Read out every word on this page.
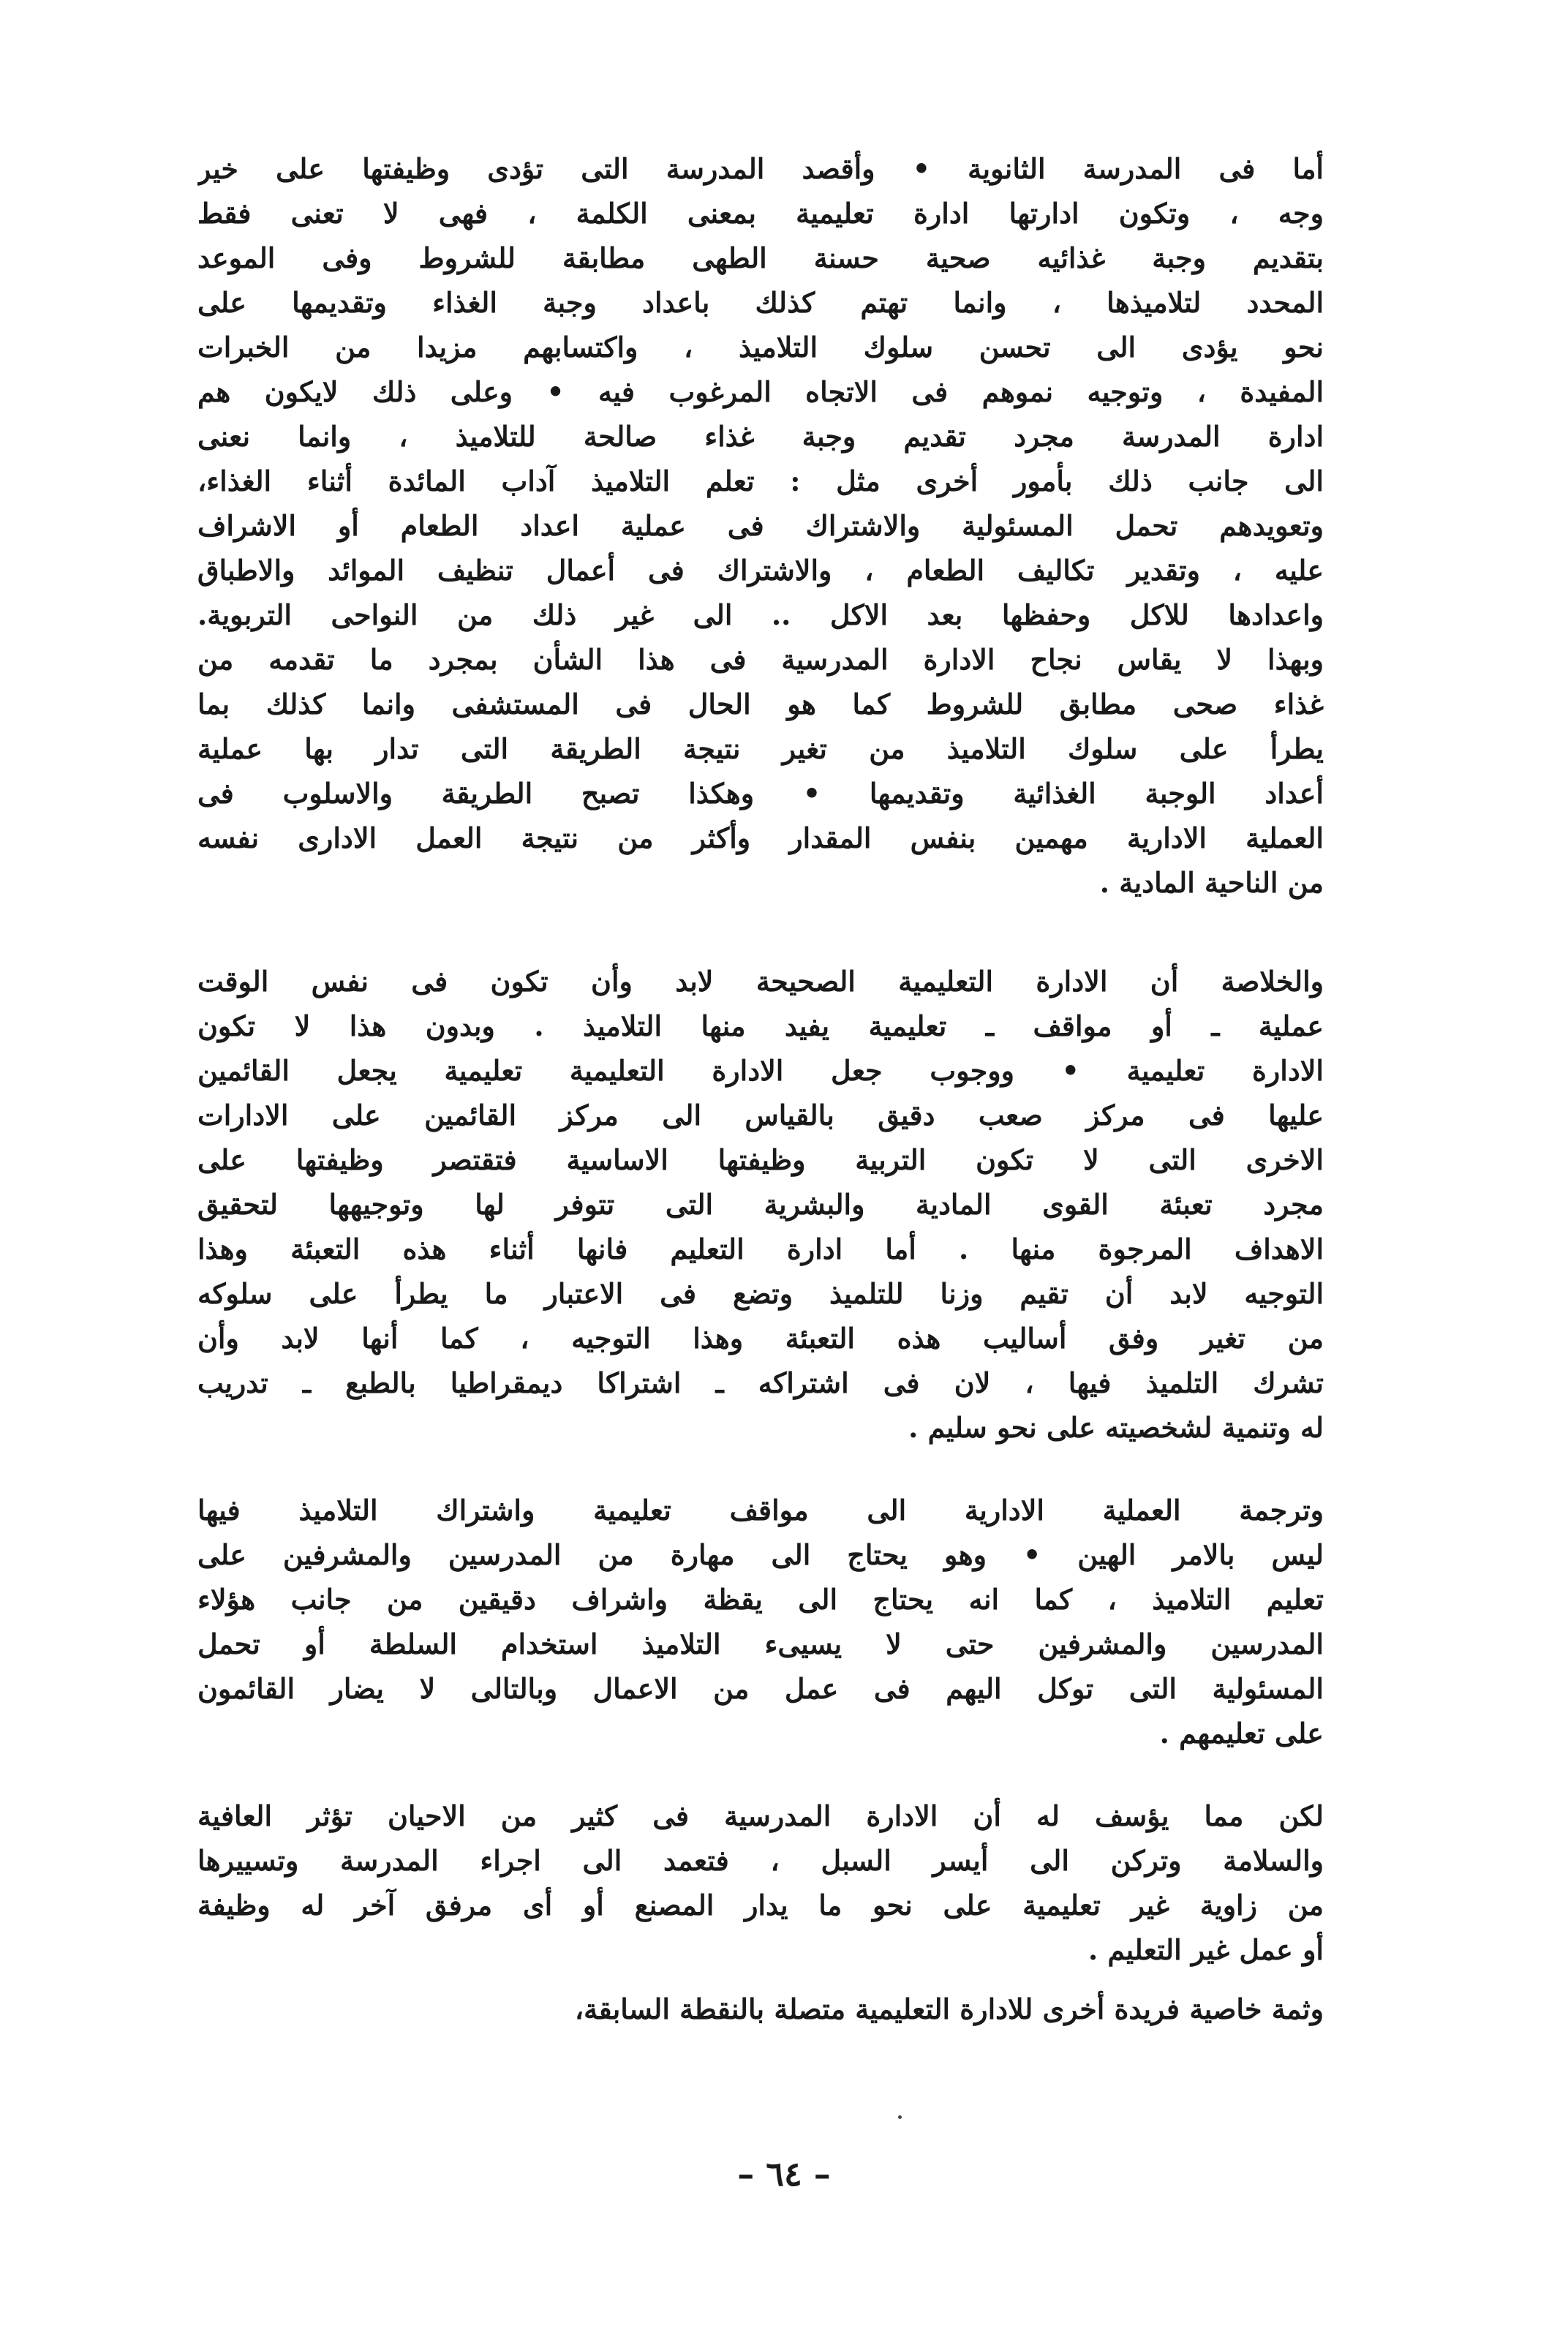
أما فى المدرسة الثانوية • وأقصد المدرسة التى تؤدى وظيفتها على خير
وجه ، وتكون ادارتها ادارة تعليمية بمعنى الكلمة ، فهى لا تعنى فقط
بتقديم وجبة غذائيه صحية حسنة الطهى مطابقة للشروط وفى الموعد
المحدد لتلاميذها ، وانما تهتم كذلك باعداد وجبة الغذاء وتقديمها على
نحو يؤدى الى تحسن سلوك التلاميذ ، واكتسابهم مزيدا من الخبرات
المفيدة ، وتوجيه نموهم فى الاتجاه المرغوب فيه • وعلى ذلك لايكون هم
ادارة المدرسة مجرد تقديم وجبة غذاء صالحة للتلاميذ ، وانما نعنى
الى جانب ذلك بأمور أخرى مثل : تعلم التلاميذ آداب المائدة أثناء الغذاء،
وتعويدهم تحمل المسئولية والاشتراك فى عملية اعداد الطعام أو الاشراف
عليه ، وتقدير تكاليف الطعام ، والاشتراك فى أعمال تنظيف الموائد والاطباق
واعدادها للاكل وحفظها بعد الاكل .. الى غير ذلك من النواحى التربوية.
وبهذا لا يقاس نجاح الادارة المدرسية فى هذا الشأن بمجرد ما تقدمه من
غذاء صحى مطابق للشروط كما هو الحال فى المستشفى وانما كذلك بما
يطرأ على سلوك التلاميذ من تغير نتيجة الطريقة التى تدار بها عملية
أعداد الوجبة الغذائية وتقديمها • وهكذا تصبح الطريقة والاسلوب فى
العملية الادارية مهمين بنفس المقدار وأكثر من نتيجة العمل الادارى نفسه
من الناحية المادية .
والخلاصة أن الادارة التعليمية الصحيحة لابد وأن تكون فى نفس الوقت
عملية ـ أو مواقف ـ تعليمية يفيد منها التلاميذ . وبدون هذا لا تكون
الادارة تعليمية • ووجوب جعل الادارة التعليمية تعليمية يجعل القائمين
عليها فى مركز صعب دقيق بالقياس الى مركز القائمين على الادارات
الاخرى التى لا تكون التربية وظيفتها الاساسية فتقتصر وظيفتها على
مجرد تعبئة القوى المادية والبشرية التى تتوفر لها وتوجيهها لتحقيق
الاهداف المرجوة منها . أما ادارة التعليم فانها أثناء هذه التعبئة وهذا
التوجيه لابد أن تقيم وزنا للتلميذ وتضع فى الاعتبار ما يطرأ على سلوكه
من تغير وفق أساليب هذه التعبئة وهذا التوجيه ، كما أنها لابد وأن
تشرك التلميذ فيها ، لان فى اشتراكه ـ اشتراكا ديمقراطيا بالطبع ـ تدريب
له وتنمية لشخصيته على نحو سليم .
وترجمة العملية الادارية الى مواقف تعليمية واشتراك التلاميذ فيها
ليس بالامر الهين • وهو يحتاج الى مهارة من المدرسين والمشرفين على
تعليم التلاميذ ، كما انه يحتاج الى يقظة واشراف دقيقين من جانب هؤلاء
المدرسين والمشرفين حتى لا يسيىء التلاميذ استخدام السلطة أو تحمل
المسئولية التى توكل اليهم فى عمل من الاعمال وبالتالى لا يضار القائمون
على تعليمهم .
لكن مما يؤسف له أن الادارة المدرسية فى كثير من الاحيان تؤثر العافية
والسلامة وتركن الى أيسر السبل ، فتعمد الى اجراء المدرسة وتسييرها
من زاوية غير تعليمية على نحو ما يدار المصنع أو أى مرفق آخر له وظيفة
أو عمل غير التعليم .
وثمة خاصية فريدة أخرى للادارة التعليمية متصلة بالنقطة السابقة،
– ٦٤ –
